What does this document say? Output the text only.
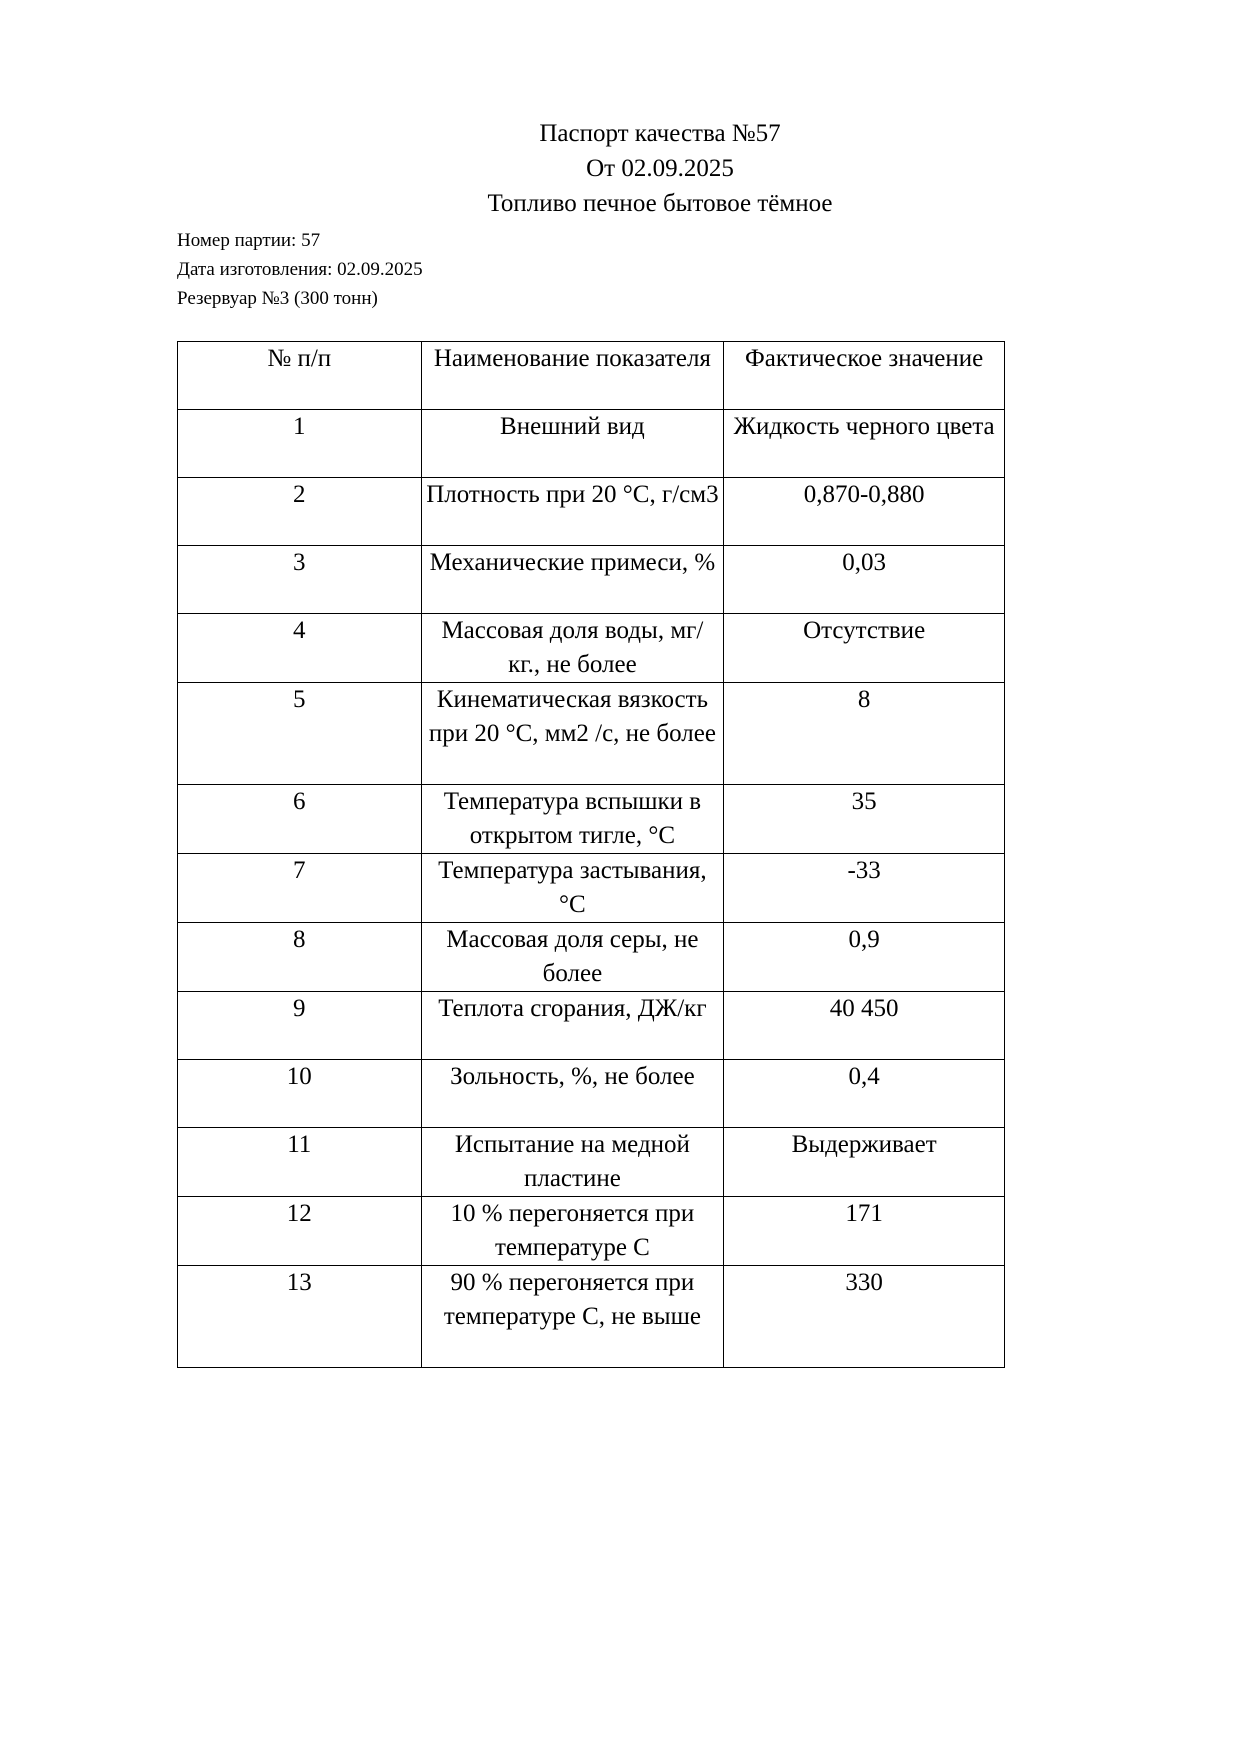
Паспорт качества №57
От 02.09.2025
Топливо печное бытовое тёмное
Номер партии: 57
Дата изготовления: 02.09.2025
Резервуар №3 (300 тонн)
№ п/п	Наименование показателя	Фактическое значение
1	Внешний вид	Жидкость черного цвета
2	Плотность при 20 °С, г/см3	0,870-0,880
3	Механические примеси, %	0,03
4	Массовая доля воды, мг/кг., не более	Отсутствие
5	Кинематическая вязкость при 20 °С, мм2 /с, не более	8
6	Температура вспышки в открытом тигле, °С	35
7	Температура застывания, °С	-33
8	Массовая доля серы, не более	0,9
9	Теплота сгорания, ДЖ/кг	40 450
10	Зольность, %, не более	0,4
11	Испытание на медной пластине	Выдерживает
12	10 % перегоняется при температуре С	171
13	90 % перегоняется при температуре С, не выше	330
